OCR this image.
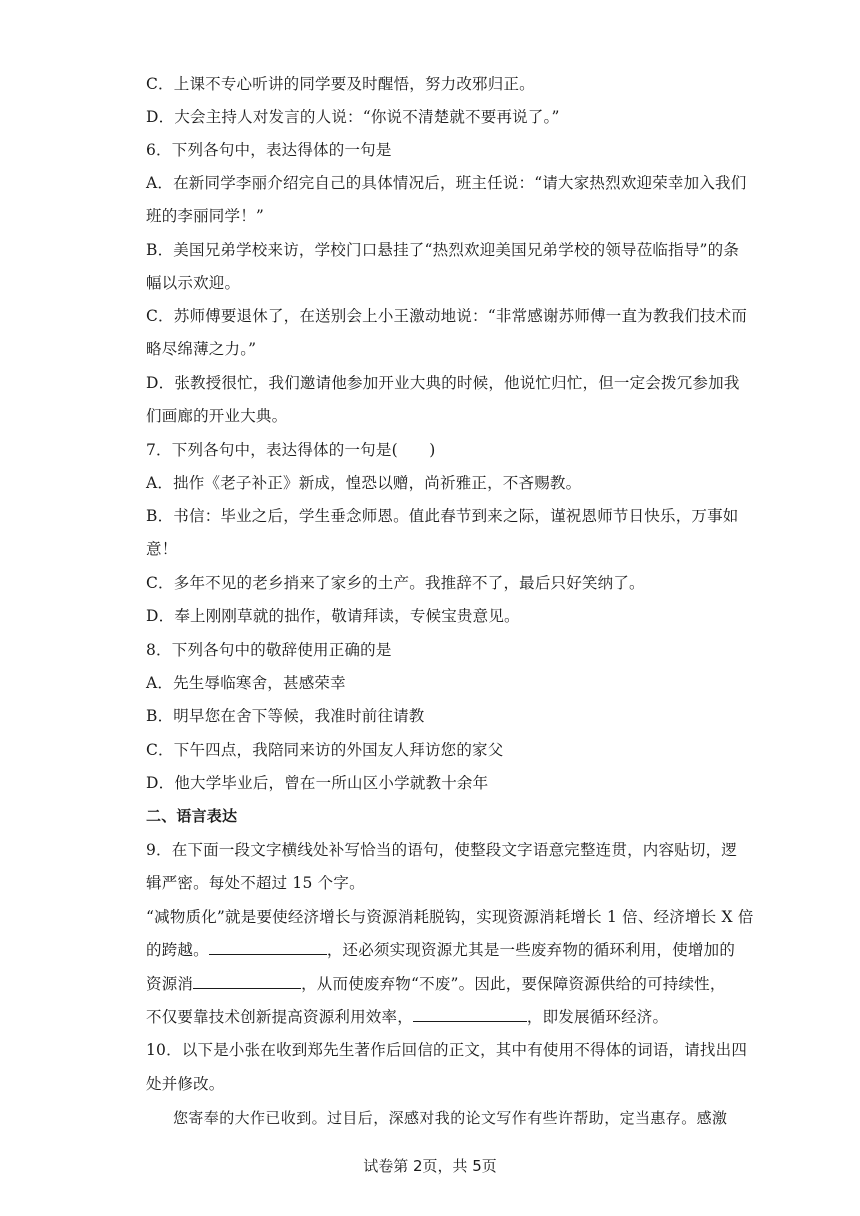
C．上课不专心听讲的同学要及时醒悟，努力改邪归正。
D．大会主持人对发言的人说：“你说不清楚就不要再说了。”
6．下列各句中，表达得体的一句是
A．在新同学李丽介绍完自己的具体情况后，班主任说：“请大家热烈欢迎荣幸加入我们
班的李丽同学！”
B．美国兄弟学校来访，学校门口悬挂了“热烈欢迎美国兄弟学校的领导莅临指导”的条
幅以示欢迎。
C．苏师傅要退休了，在送别会上小王激动地说：“非常感谢苏师傅一直为教我们技术而
略尽绵薄之力。”
D．张教授很忙，我们邀请他参加开业大典的时候，他说忙归忙，但一定会拨冗参加我
们画廊的开业大典。
7．下列各句中，表达得体的一句是(　　)
A．拙作《老子补正》新成，惶恐以赠，尚祈雅正，不吝赐教。
B．书信：毕业之后，学生垂念师恩。值此春节到来之际，谨祝恩师节日快乐，万事如
意！
C．多年不见的老乡捎来了家乡的土产。我推辞不了，最后只好笑纳了。
D．奉上刚刚草就的拙作，敬请拜读，专候宝贵意见。
8．下列各句中的敬辞使用正确的是
A．先生辱临寒舍，甚感荣幸
B．明早您在舍下等候，我准时前往请教
C．下午四点，我陪同来访的外国友人拜访您的家父
D．他大学毕业后，曾在一所山区小学就教十余年
二、语言表达
9．在下面一段文字横线处补写恰当的语句，使整段文字语意完整连贯，内容贴切，逻
辑严密。每处不超过 15 个字。
“减物质化”就是要使经济增长与资源消耗脱钩，实现资源消耗增长 1 倍、经济增长 X 倍
的跨越。	，还必须实现资源尤其是一些废弃物的循环利用，使增加的
资源消	，从而使废弃物“不废”。因此，要保障资源供给的可持续性，
不仅要靠技术创新提高资源利用效率，	，即发展循环经济。
10．以下是小张在收到郑先生著作后回信的正文，其中有使用不得体的词语，请找出四
处并修改。
您寄奉的大作已收到。过目后，深感对我的论文写作有些许帮助，定当惠存。感激
试卷第 2页，共 5页
